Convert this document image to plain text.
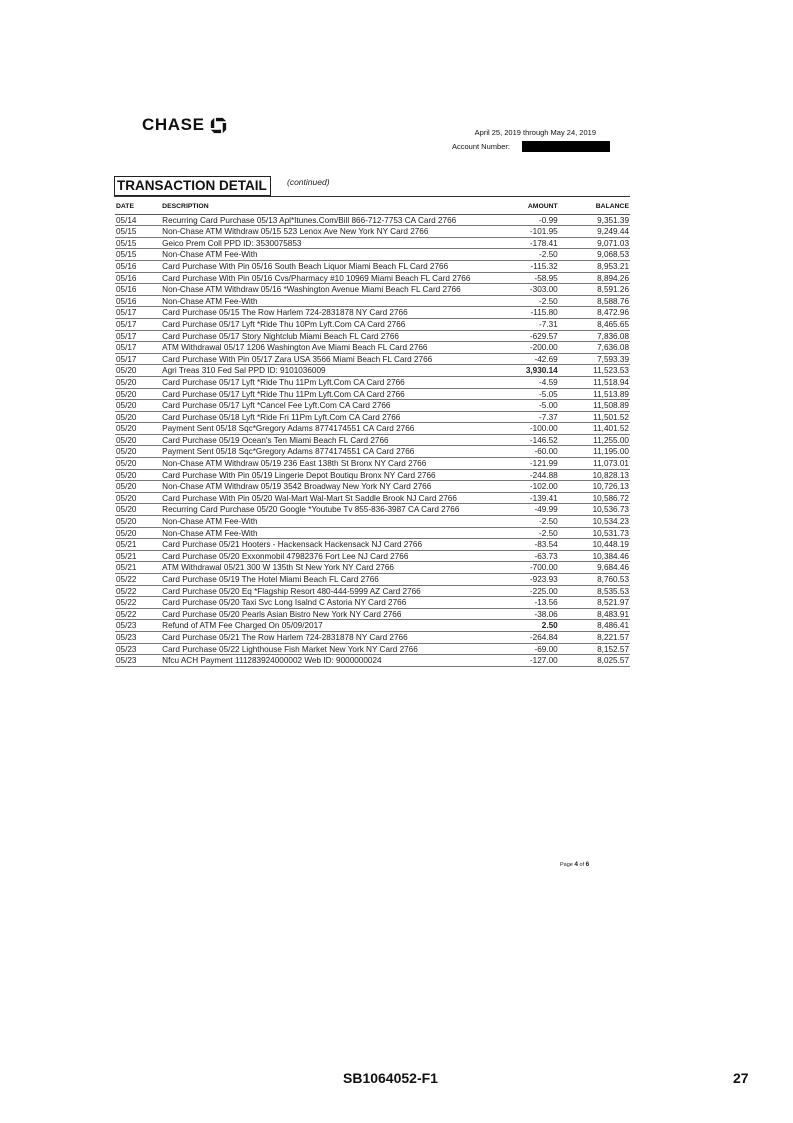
CHASE	April 25, 2019 through May 24, 2019
Account Number:
TRANSACTION DETAIL	(continued)
DATE	DESCRIPTION	AMOUNT	BALANCE
05/14	Recurring Card Purchase 05/13 Apl*Itunes.Com/Bill 866-712-7753 CA Card 2766	-0.99	9,351.39
05/15	Non-Chase ATM Withdraw 05/15 523 Lenox Ave New York NY Card 2766	-101.95	9,249.44
05/15	Geico Prem Coll PPD ID: 3530075853	-178.41	9,071.03
05/15	Non-Chase ATM Fee-With	-2.50	9,068.53
05/16	Card Purchase With Pin 05/16 South Beach Liquor Miami Beach FL Card 2766	-115.32	8,953.21
05/16	Card Purchase With Pin 05/16 Cvs/Pharmacy #10 10969 Miami Beach FL Card 2766	-58.95	8,894.26
05/16	Non-Chase ATM Withdraw 05/16 *Washington Avenue Miami Beach FL Card 2766	-303.00	8,591.26
05/16	Non-Chase ATM Fee-With	-2.50	8,588.76
05/17	Card Purchase 05/15 The Row Harlem 724-2831878 NY Card 2766	-115.80	8,472.96
05/17	Card Purchase 05/17 Lyft *Ride Thu 10Pm Lyft.Com CA Card 2766	-7.31	8,465.65
05/17	Card Purchase 05/17 Story Nightclub Miami Beach FL Card 2766	-629.57	7,836.08
05/17	ATM Withdrawal 05/17 1206 Washington Ave Miami Beach FL Card 2766	-200.00	7,636.08
05/17	Card Purchase With Pin 05/17 Zara USA 3566 Miami Beach FL Card 2766	-42.69	7,593.39
05/20	Agri Treas 310 Fed Sal PPD ID: 9101036009	3,930.14	11,523.53
05/20	Card Purchase 05/17 Lyft *Ride Thu 11Pm Lyft.Com CA Card 2766	-4.59	11,518.94
05/20	Card Purchase 05/17 Lyft *Ride Thu 11Pm Lyft.Com CA Card 2766	-5.05	11,513.89
05/20	Card Purchase 05/17 Lyft *Cancel Fee Lyft.Com CA Card 2766	-5.00	11,508.89
05/20	Card Purchase 05/18 Lyft *Ride Fri 11Pm Lyft.Com CA Card 2766	-7.37	11,501.52
05/20	Payment Sent 05/18 Sqc*Gregory Adams 8774174551 CA Card 2766	-100.00	11,401.52
05/20	Card Purchase 05/19 Ocean's Ten Miami Beach FL Card 2766	-146.52	11,255.00
05/20	Payment Sent 05/18 Sqc*Gregory Adams 8774174551 CA Card 2766	-60.00	11,195.00
05/20	Non-Chase ATM Withdraw 05/19 236 East 138th St Bronx NY Card 2766	-121.99	11,073.01
05/20	Card Purchase With Pin 05/19 Lingerie Depot Boutiqu Bronx NY Card 2766	-244.88	10,828.13
05/20	Non-Chase ATM Withdraw 05/19 3542 Broadway New York NY Card 2766	-102.00	10,726.13
05/20	Card Purchase With Pin 05/20 Wal-Mart Wal-Mart St Saddle Brook NJ Card 2766	-139.41	10,586.72
05/20	Recurring Card Purchase 05/20 Google *Youtube Tv 855-836-3987 CA Card 2766	-49.99	10,536.73
05/20	Non-Chase ATM Fee-With	-2.50	10,534.23
05/20	Non-Chase ATM Fee-With	-2.50	10,531.73
05/21	Card Purchase 05/21 Hooters - Hackensack Hackensack NJ Card 2766	-83.54	10,448.19
05/21	Card Purchase 05/20 Exxonmobil 47982376 Fort Lee NJ Card 2766	-63.73	10,384.46
05/21	ATM Withdrawal 05/21 300 W 135th St New York NY Card 2766	-700.00	9,684.46
05/22	Card Purchase 05/19 The Hotel Miami Beach FL Card 2766	-923.93	8,760.53
05/22	Card Purchase 05/20 Eq *Flagship Resort 480-444-5999 AZ Card 2766	-225.00	8,535.53
05/22	Card Purchase 05/20 Taxi Svc Long Isalnd C Astoria NY Card 2766	-13.56	8,521.97
05/22	Card Purchase 05/20 Pearls Asian Bistro New York NY Card 2766	-38.06	8,483.91
05/23	Refund of ATM Fee Charged On 05/09/2017	2.50	8,486.41
05/23	Card Purchase 05/21 The Row Harlem 724-2831878 NY Card 2766	-264.84	8,221.57
05/23	Card Purchase 05/22 Lighthouse Fish Market New York NY Card 2766	-69.00	8,152.57
05/23	Nfcu ACH Payment 111283924000002 Web ID: 9000000024	-127.00	8,025.57
Page 4 of 6
SB1064052-F1	27
